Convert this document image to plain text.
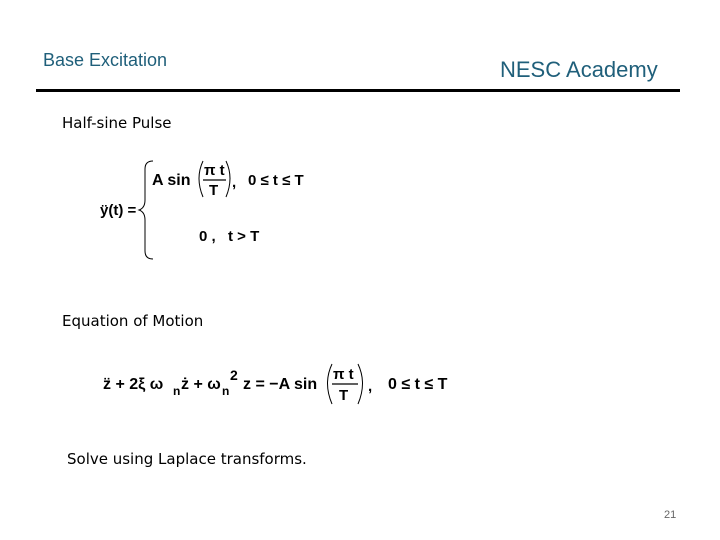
Base Excitation	NESC Academy
Half-sine Pulse
ÿ(t) =
A sin
π t
T , 0 ≤ t ≤ T
0 , t > T
Equation of Motion
z̈ + 2ξ ω n ż + ω n
2
z = −A sin
π t
T
, 0 ≤ t ≤ T
Solve using Laplace transforms.
21
